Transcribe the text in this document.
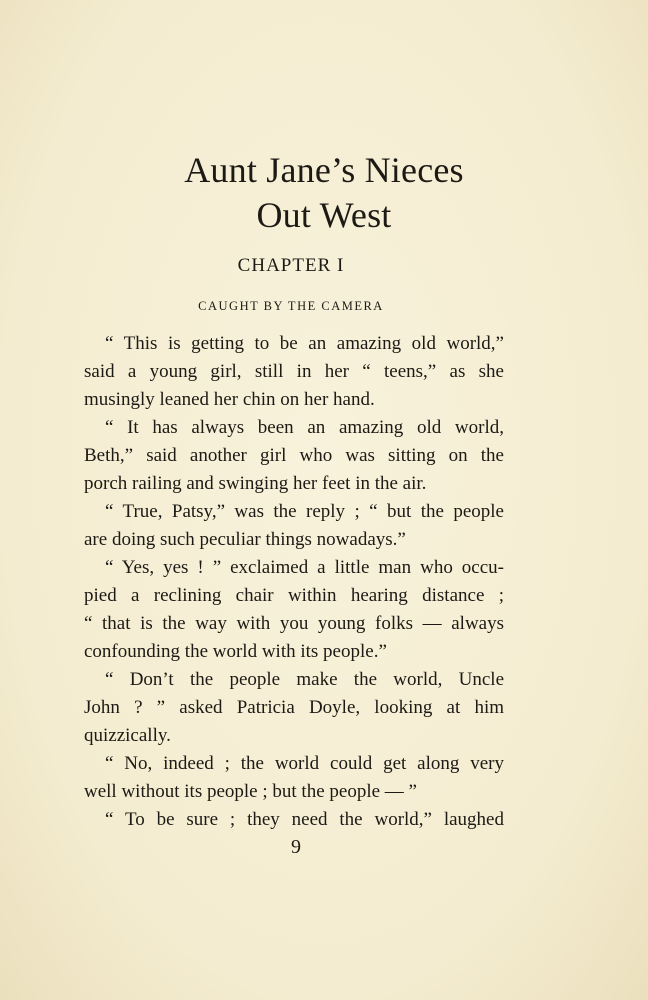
Aunt Jane’s Nieces
Out West
CHAPTER I
CAUGHT BY THE CAMERA
“ This is getting to be an amazing old world,”
said a young girl, still in her “ teens,” as she
musingly leaned her chin on her hand.
“ It has always been an amazing old world,
Beth,” said another girl who was sitting on the
porch railing and swinging her feet in the air.
“ True, Patsy,” was the reply ; “ but the people
are doing such peculiar things nowadays.”
“ Yes, yes ! ” exclaimed a little man who occu-
pied a reclining chair within hearing distance ;
“ that is the way with you young folks — always
confounding the world with its people.”
“ Don’t the people make the world, Uncle
John ? ” asked Patricia Doyle, looking at him
quizzically.
“ No, indeed ; the world could get along very
well without its people ; but the people — ”
“ To be sure ; they need the world,” laughed
9
